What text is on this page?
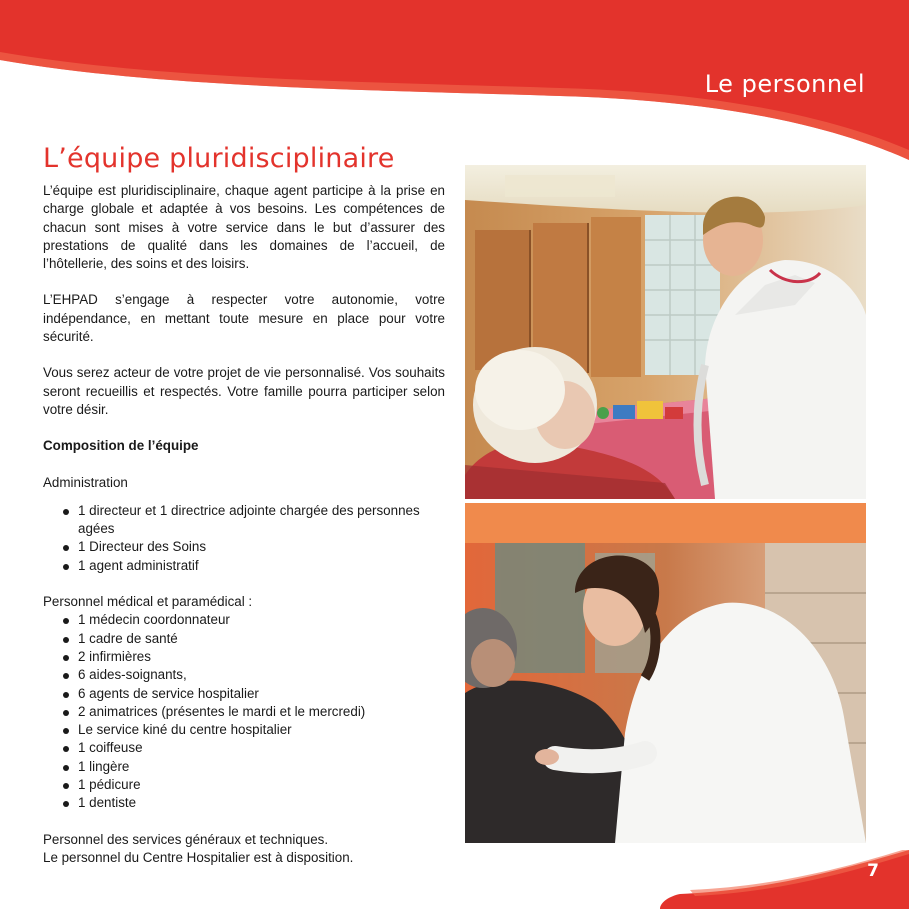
Le personnel
L’équipe pluridisciplinaire

L’équipe est pluridisciplinaire, chaque agent participe à la prise en charge globale et adaptée à vos besoins. Les compétences de chacun sont mises à votre service dans le but d’assurer des prestations de qualité dans les domaines de l’accueil, de l’hôtellerie, des soins et des loisirs.

L’EHPAD s’engage à respecter votre autonomie, votre indépendance, en mettant toute mesure en place pour votre sécurité.

Vous serez acteur de votre projet de vie personnalisé. Vos souhaits seront recueillis et respectés. Votre famille pourra participer selon votre désir.

Composition de l’équipe
Administration
1 directeur et 1 directrice adjointe chargée des personnes agées
1 Directeur des Soins
1 agent administratif
Personnel médical et paramédical :
1 médecin coordonnateur
1 cadre de santé
2 infirmières
6 aides-soignants,
6 agents de service hospitalier
2 animatrices (présentes le mardi et le mercredi)
Le service kiné du centre hospitalier
1 coiffeuse
1 lingère
1 pédicure
1 dentiste
Personnel des services généraux et techniques.
Le personnel du Centre Hospitalier est à disposition.
7
